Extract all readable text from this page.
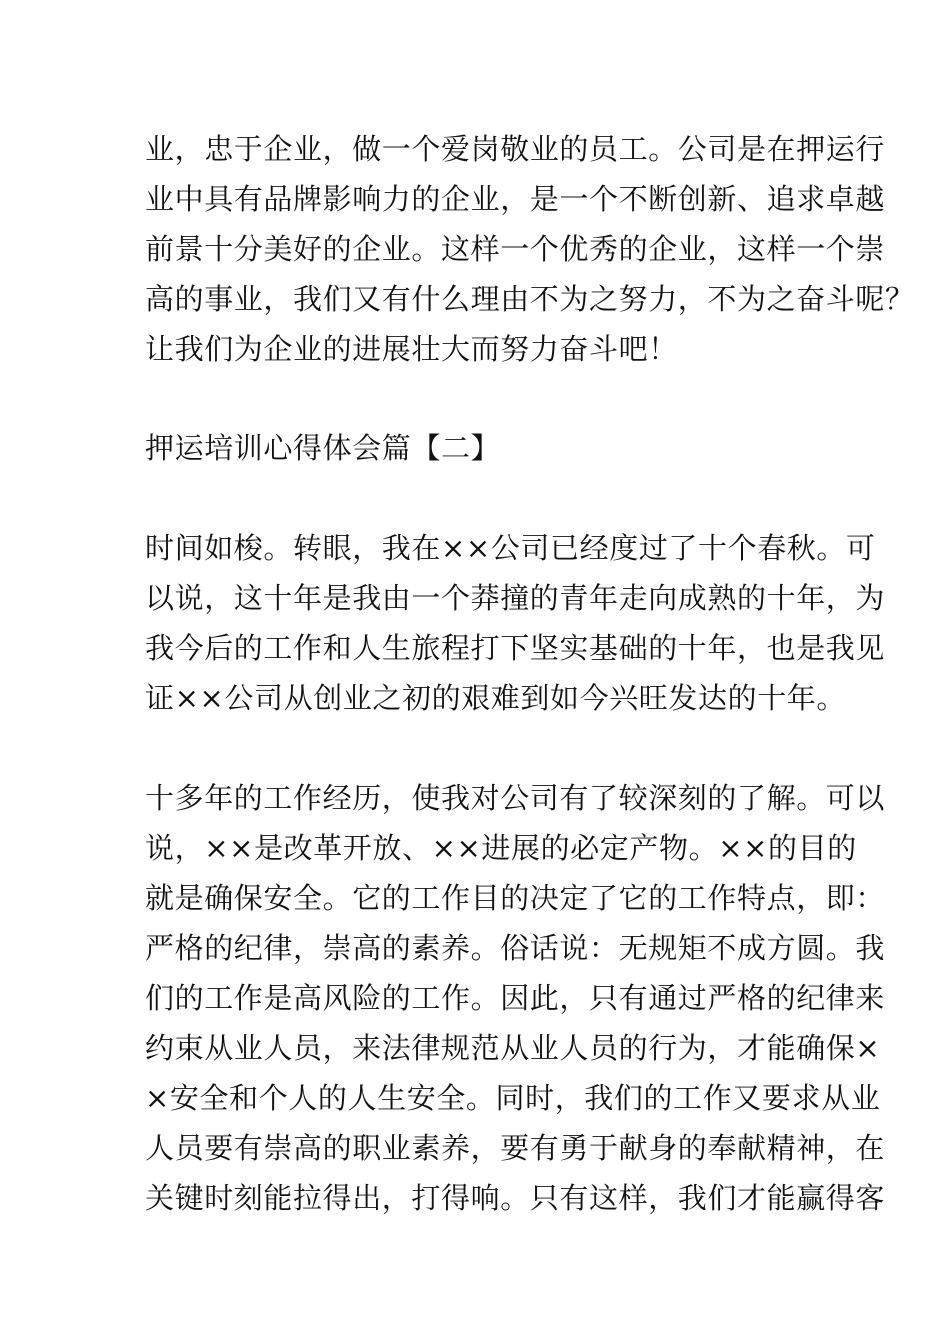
业，忠于企业，做一个爱岗敬业的员工。公司是在押运行
业中具有品牌影响力的企业，是一个不断创新、追求卓越
前景十分美好的企业。这样一个优秀的企业，这样一个崇
高的事业，我们又有什么理由不为之努力，不为之奋斗呢？
让我们为企业的进展壮大而努力奋斗吧！
押运培训心得体会篇【二】
时间如梭。转眼，我在××公司已经度过了十个春秋。可
以说，这十年是我由一个莽撞的青年走向成熟的十年，为
我今后的工作和人生旅程打下坚实基础的十年，也是我见
证××公司从创业之初的艰难到如今兴旺发达的十年。
十多年的工作经历，使我对公司有了较深刻的了解。可以
说，××是改革开放、××进展的必定产物。××的目的
就是确保安全。它的工作目的决定了它的工作特点，即：
严格的纪律，崇高的素养。俗话说：无规矩不成方圆。我
们的工作是高风险的工作。因此，只有通过严格的纪律来
约束从业人员，来法律规范从业人员的行为，才能确保×
×安全和个人的人生安全。同时，我们的工作又要求从业
人员要有崇高的职业素养，要有勇于献身的奉献精神，在
关键时刻能拉得出，打得响。只有这样，我们才能赢得客
